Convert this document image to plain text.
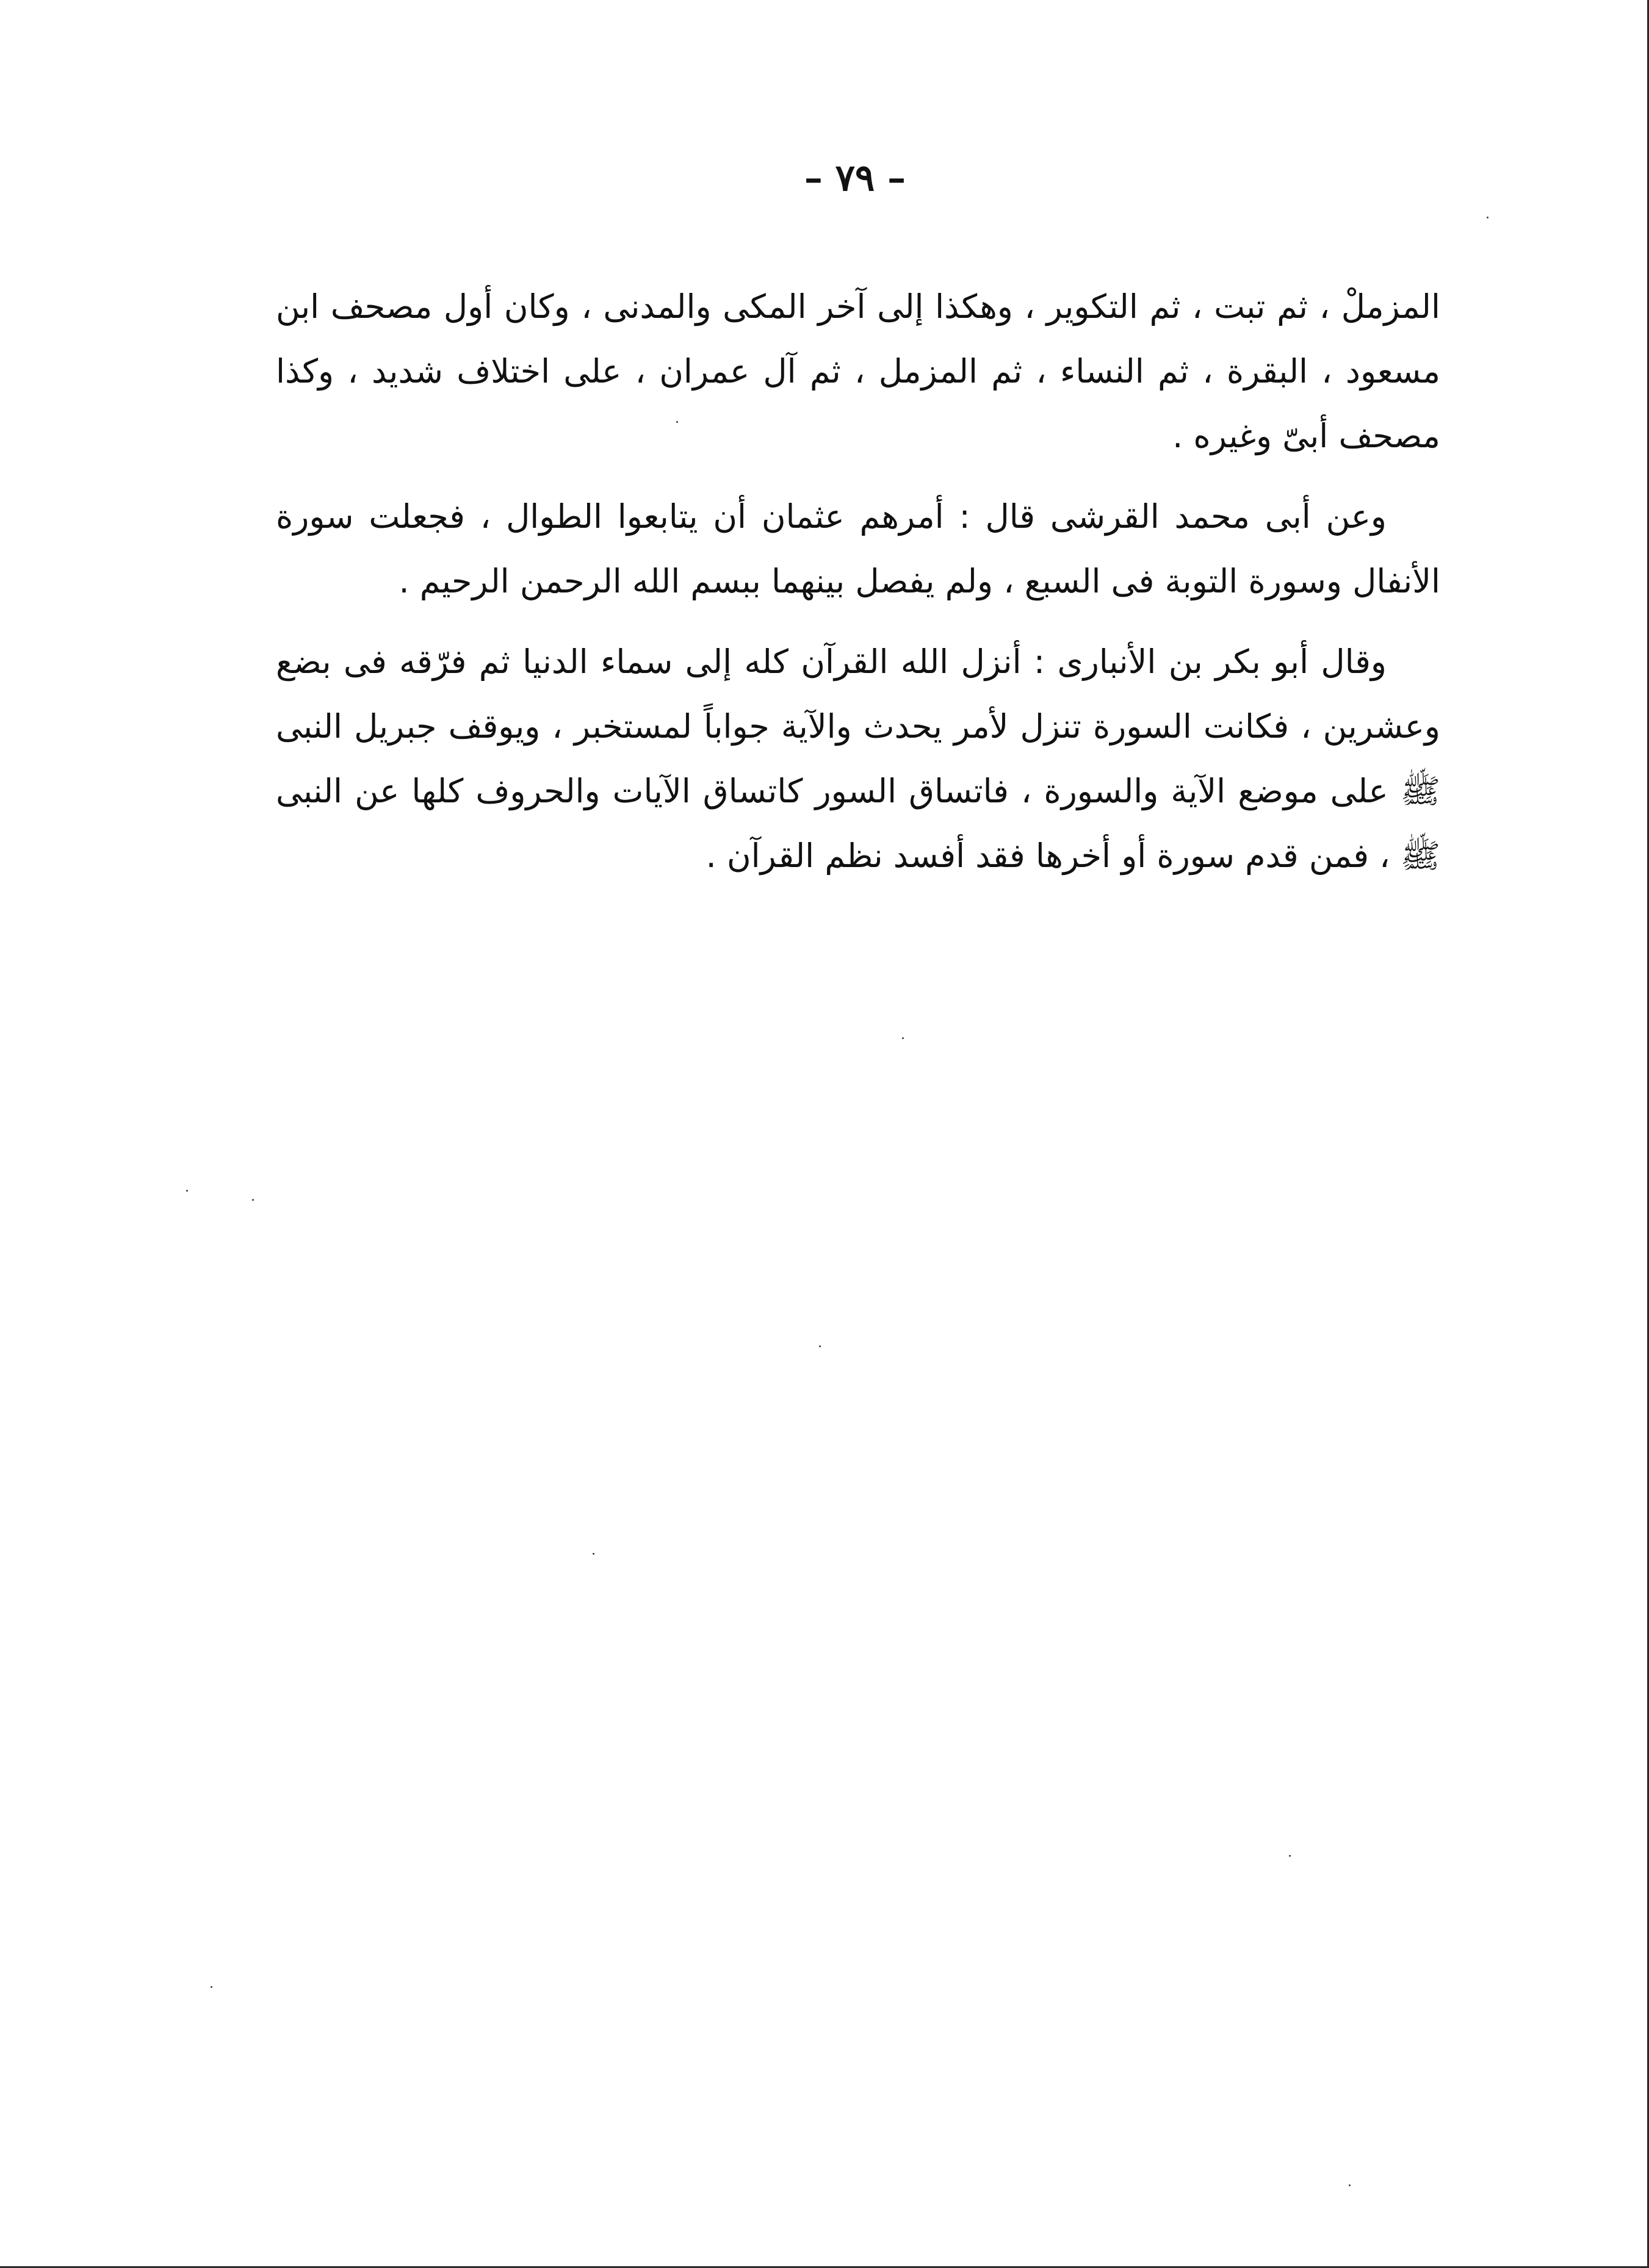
– ٧٩ –

المزملْ ، ثم تبت ، ثم التكوير ، وهكذا إلى آخر المكى والمدنى ، وكان أول مصحف ابن مسعود ، البقرة ، ثم النساء ، ثم المزمل ، ثم آل عمران ، على اختلاف شديد ، وكذا مصحف أبىّ وغيره .

وعن أبى محمد القرشى قال : أمرهم عثمان أن يتابعوا الطوال ، فجعلت سورة الأنفال وسورة التوبة فى السبع ، ولم يفصل بينهما ببسم الله الرحمن الرحيم .

وقال أبو بكر بن الأنبارى : أنزل الله القرآن كله إلى سماء الدنيا ثم فرّقه فى بضع وعشرين ، فكانت السورة تنزل لأمر يحدث والآية جواباً لمستخبر ، ويوقف جبريل النبى ﷺ على موضع الآية والسورة ، فاتساق السور كاتساق الآيات والحروف كلها عن النبى ﷺ ، فمن قدم سورة أو أخرها فقد أفسد نظم القرآن .
